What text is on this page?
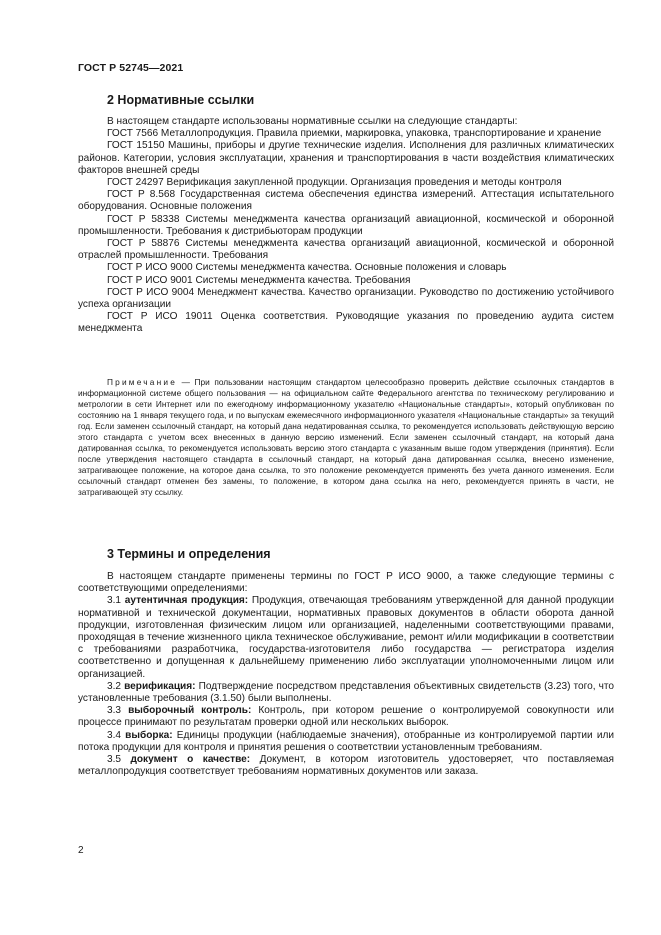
ГОСТ Р 52745—2021
2 Нормативные ссылки

В настоящем стандарте использованы нормативные ссылки на следующие стандарты:

ГОСТ 7566 Металлопродукция. Правила приемки, маркировка, упаковка, транспортирование и хранение

ГОСТ 15150 Машины, приборы и другие технические изделия. Исполнения для различных климатических районов. Категории, условия эксплуатации, хранения и транспортирования в части воздействия климатических факторов внешней среды

ГОСТ 24297 Верификация закупленной продукции. Организация проведения и методы контроля

ГОСТ Р 8.568 Государственная система обеспечения единства измерений. Аттестация испытательного оборудования. Основные положения

ГОСТ Р 58338 Системы менеджмента качества организаций авиационной, космической и оборонной промышленности. Требования к дистрибьюторам продукции

ГОСТ Р 58876 Системы менеджмента качества организаций авиационной, космической и оборонной отраслей промышленности. Требования

ГОСТ Р ИСО 9000 Системы менеджмента качества. Основные положения и словарь

ГОСТ Р ИСО 9001 Системы менеджмента качества. Требования

ГОСТ Р ИСО 9004 Менеджмент качества. Качество организации. Руководство по достижению устойчивого успеха организации

ГОСТ Р ИСО 19011 Оценка соответствия. Руководящие указания по проведению аудита систем менеджмента

Примечание — При пользовании настоящим стандартом целесообразно проверить действие ссылочных стандартов в информационной системе общего пользования — на официальном сайте Федерального агентства по техническому регулированию и метрологии в сети Интернет или по ежегодному информационному указателю «Национальные стандарты», который опубликован по состоянию на 1 января текущего года, и по выпускам ежемесячного информационного указателя «Национальные стандарты» за текущий год. Если заменен ссылочный стандарт, на который дана недатированная ссылка, то рекомендуется использовать действующую версию этого стандарта с учетом всех внесенных в данную версию изменений. Если заменен ссылочный стандарт, на который дана датированная ссылка, то рекомендуется использовать версию этого стандарта с указанным выше годом утверждения (принятия). Если после утверждения настоящего стандарта в ссылочный стандарт, на который дана датированная ссылка, внесено изменение, затрагивающее положение, на которое дана ссылка, то это положение рекомендуется применять без учета данного изменения. Если ссылочный стандарт отменен без замены, то положение, в котором дана ссылка на него, рекомендуется принять в части, не затрагивающей эту ссылку.

3 Термины и определения

В настоящем стандарте применены термины по ГОСТ Р ИСО 9000, а также следующие термины с соответствующими определениями:

3.1 аутентичная продукция: Продукция, отвечающая требованиям утвержденной для данной продукции нормативной и технической документации, нормативных правовых документов в области оборота данной продукции, изготовленная физическим лицом или организацией, наделенными соответствующими правами, проходящая в течение жизненного цикла техническое обслуживание, ремонт и/или модификации в соответствии с требованиями разработчика, государства-изготовителя либо государства — регистратора изделия соответственно и допущенная к дальнейшему применению либо эксплуатации уполномоченными лицом или организацией.

3.2 верификация: Подтверждение посредством представления объективных свидетельств (3.23) того, что установленные требования (3.1.50) были выполнены.

3.3 выборочный контроль: Контроль, при котором решение о контролируемой совокупности или процессе принимают по результатам проверки одной или нескольких выборок.

3.4 выборка: Единицы продукции (наблюдаемые значения), отобранные из контролируемой партии или потока продукции для контроля и принятия решения о соответствии установленным требованиям.

3.5 документ о качестве: Документ, в котором изготовитель удостоверяет, что поставляемая металлопродукция соответствует требованиям нормативных документов или заказа.

2
